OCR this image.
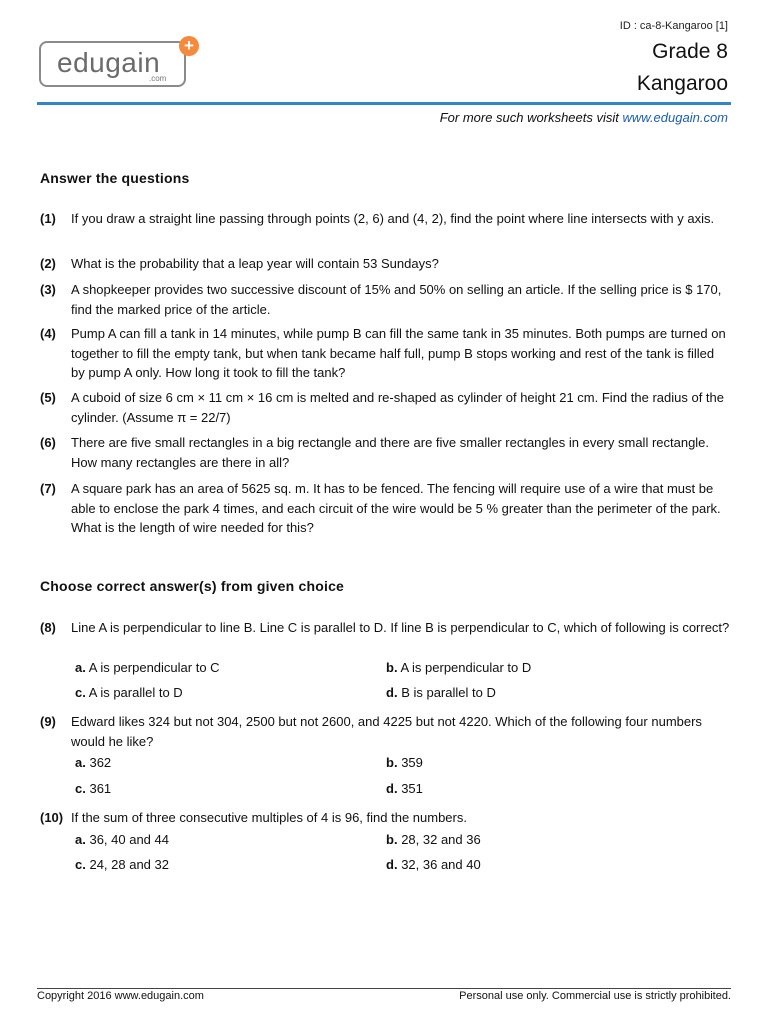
ID : ca-8-Kangaroo [1]
Grade 8
Kangaroo
edugain
.com
+
For more such worksheets visit www.edugain.com
Answer the questions
(1) If you draw a straight line passing through points (2, 6) and (4, 2), find the point where line intersects with y axis.
(2) What is the probability that a leap year will contain 53 Sundays?
(3) A shopkeeper provides two successive discount of 15% and 50% on selling an article. If the selling price is $ 170, find the marked price of the article.
(4) Pump A can fill a tank in 14 minutes, while pump B can fill the same tank in 35 minutes. Both pumps are turned on together to fill the empty tank, but when tank became half full, pump B stops working and rest of the tank is filled by pump A only. How long it took to fill the tank?
(5) A cuboid of size 6 cm × 11 cm × 16 cm is melted and re-shaped as cylinder of height 21 cm. Find the radius of the cylinder. (Assume π = 22/7)
(6) There are five small rectangles in a big rectangle and there are five smaller rectangles in every small rectangle. How many rectangles are there in all?
(7) A square park has an area of 5625 sq. m. It has to be fenced. The fencing will require use of a wire that must be able to enclose the park 4 times, and each circuit of the wire would be 5 % greater than the perimeter of the park. What is the length of wire needed for this?
Choose correct answer(s) from given choice
(8) Line A is perpendicular to line B. Line C is parallel to D. If line B is perpendicular to C, which of following is correct?
a. A is perpendicular to C	b. A is perpendicular to D
c. A is parallel to D	d. B is parallel to D
(9) Edward likes 324 but not 304, 2500 but not 2600, and 4225 but not 4220. Which of the following four numbers would he like?
a. 362	b. 359
c. 361	d. 351
(10) If the sum of three consecutive multiples of 4 is 96, find the numbers.
a. 36, 40 and 44	b. 28, 32 and 36
c. 24, 28 and 32	d. 32, 36 and 40
Copyright 2016 www.edugain.com	Personal use only. Commercial use is strictly prohibited.
